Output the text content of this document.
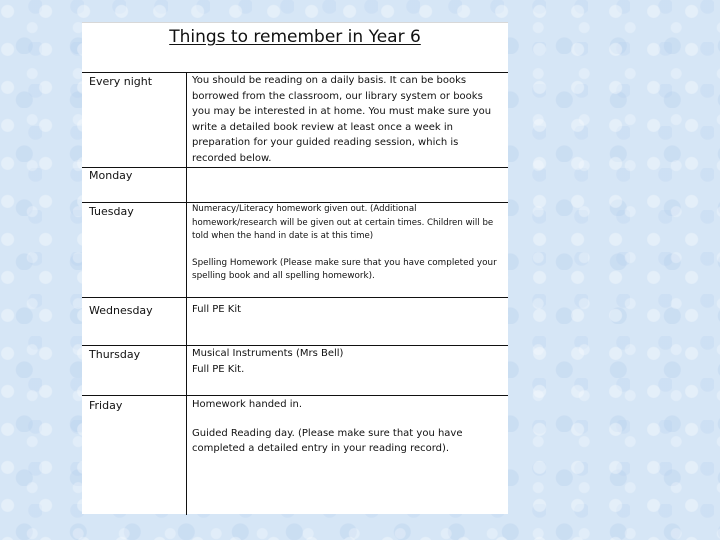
Things to remember in Year 6
Every night	You should be reading on a daily basis. It can be books borrowed from the classroom, our library system or books you may be interested in at home. You must make sure you write a detailed book review at least once a week in preparation for your guided reading session, which is recorded below.

Monday
Tuesday	Numeracy/Literacy homework given out. (Additional homework/research will be given out at certain times. Children will be told when the hand in date is at this time)

Spelling Homework (Please make sure that you have completed your spelling book and all spelling homework).

Wednesday	Full PE Kit

Thursday	Musical Instruments (Mrs Bell)

Full PE Kit.

Friday	Homework handed in.

Guided Reading day. (Please make sure that you have completed a detailed entry in your reading record).
